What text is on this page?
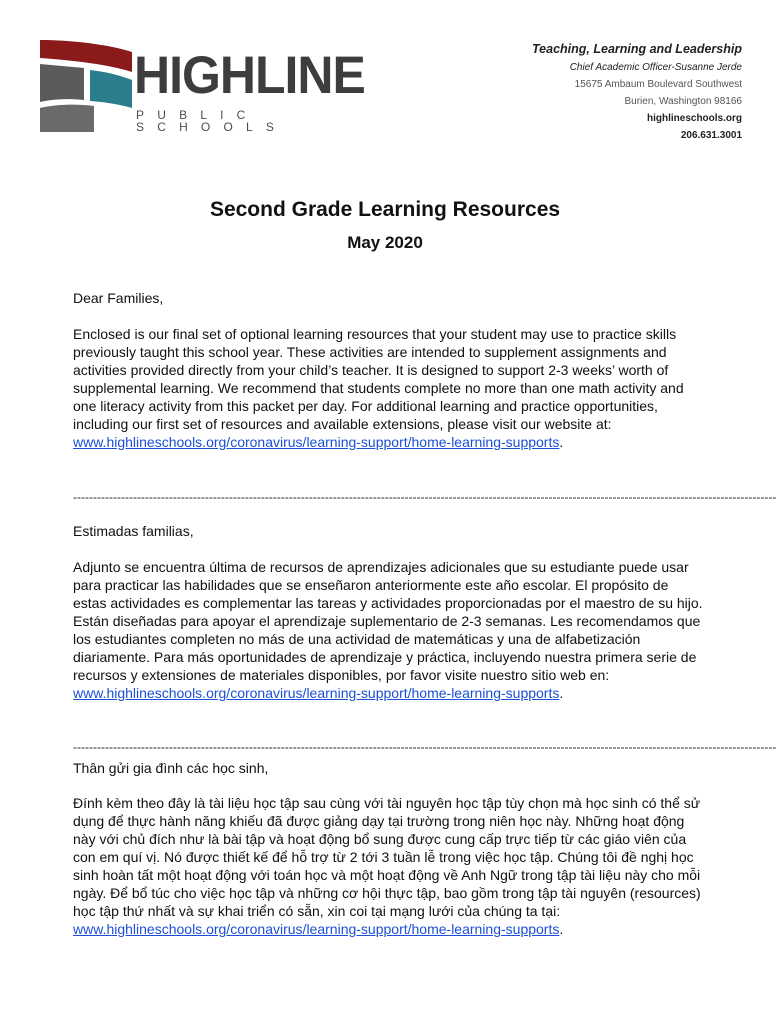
HIGHLINE
PUBLIC SCHOOLS
Teaching, Learning and Leadership
Chief Academic Officer-Susanne Jerde
15675 Ambaum Boulevard Southwest
Burien, Washington 98166
highlineschools.org
206.631.3001
Second Grade Learning Resources
May 2020
Dear Families,
Enclosed is our final set of optional learning resources that your student may use to practice skills previously taught this school year. These activities are intended to supplement assignments and activities provided directly from your child’s teacher. It is designed to support 2-3 weeks’ worth of supplemental learning. We recommend that students complete no more than one math activity and one literacy activity from this packet per day. For additional learning and practice opportunities, including our first set of resources and available extensions, please visit our website at: www.highlineschools.org/coronavirus/learning-support/home-learning-supports.
--------------------------------------------------------------------------------------------------------------------------------------------------------------------------------
Estimadas familias,
Adjunto se encuentra última de recursos de aprendizajes adicionales que su estudiante puede usar para practicar las habilidades que se enseñaron anteriormente este año escolar. El propósito de estas actividades es complementar las tareas y actividades proporcionadas por el maestro de su hijo. Están diseñadas para apoyar el aprendizaje suplementario de 2-3 semanas. Les recomendamos que los estudiantes completen no más de una actividad de matemáticas y una de alfabetización diariamente. Para más oportunidades de aprendizaje y práctica, incluyendo nuestra primera serie de recursos y extensiones de materiales disponibles, por favor visite nuestro sitio web en: www.highlineschools.org/coronavirus/learning-support/home-learning-supports.
--------------------------------------------------------------------------------------------------------------------------------------------------------------------------------
Thân gửi gia đình các học sinh,
Đính kèm theo đây là tài liệu học tập sau cùng với tài nguyên học tập tùy chọn mà học sinh có thể sử dụng để thực hành năng khiếu đã được giảng dạy tại trường trong niên học này. Những hoạt động này với chủ đích như là bài tập và hoạt động bổ sung được cung cấp trực tiếp từ các giáo viên của con em quí vị. Nó được thiết kế để hỗ trợ từ 2 tới 3 tuần lễ trong việc học tập. Chúng tôi đề nghị học sinh hoàn tất một hoạt động với toán học và một hoạt động về Anh Ngữ trong tập tài liệu này cho mỗi ngày. Để bổ túc cho việc học tập và những cơ hội thực tập, bao gồm trong tập tài nguyên (resources) học tập thứ nhất và sự khai triển có sẵn, xin coi tại mạng lưới của chúng ta tại: www.highlineschools.org/coronavirus/learning-support/home-learning-supports.
